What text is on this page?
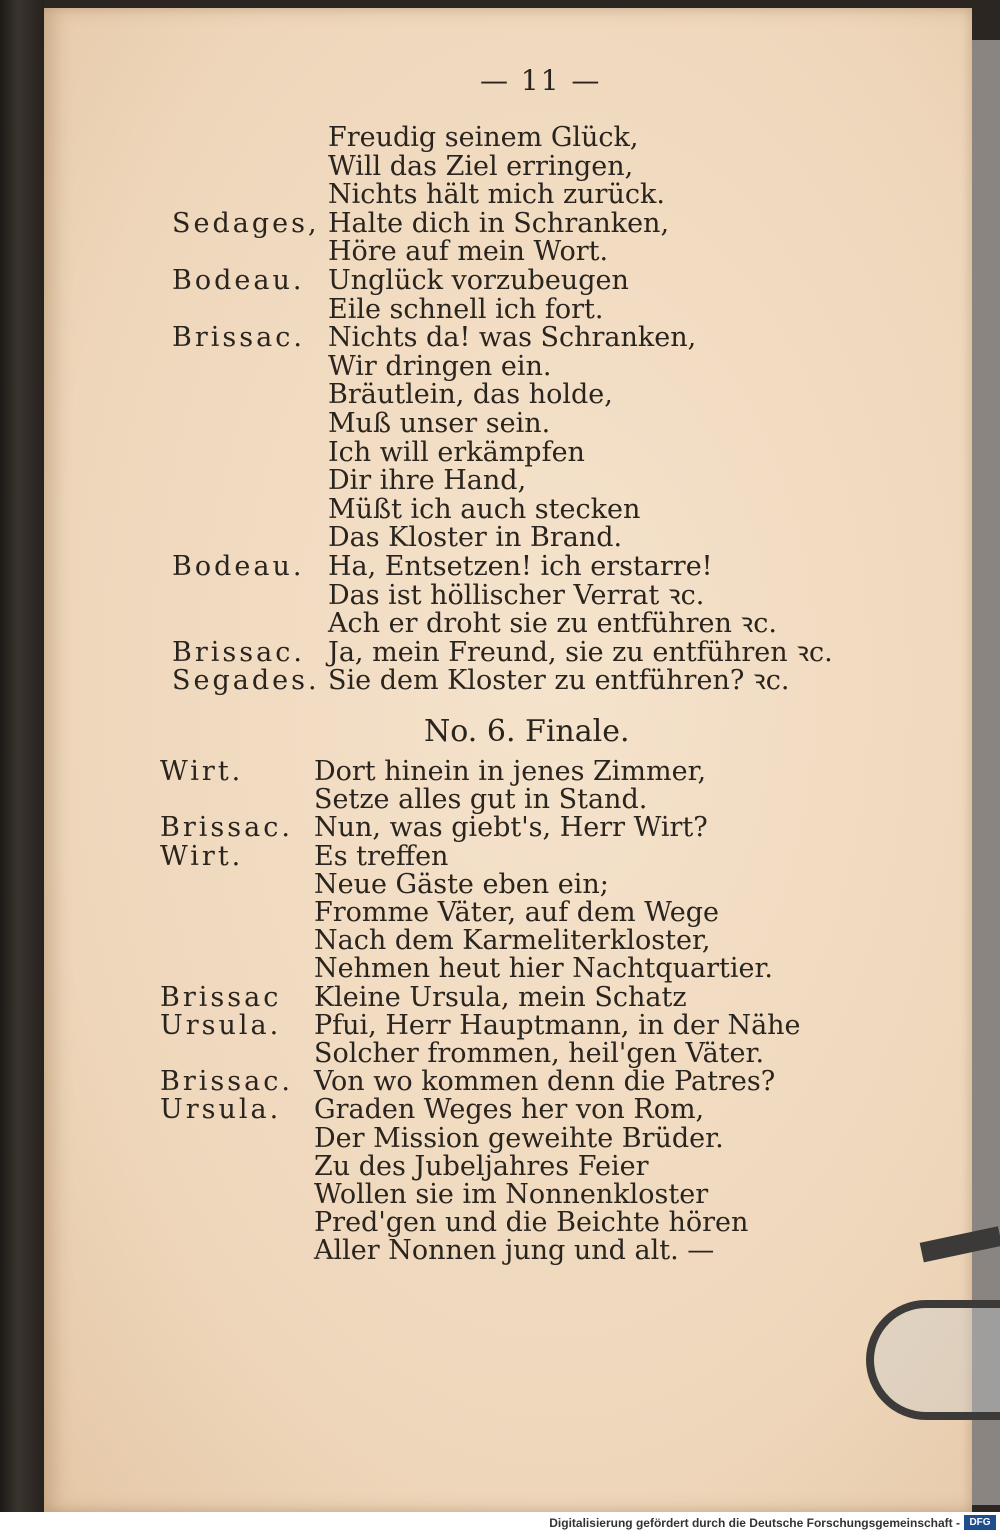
— 11 —
Freudig seinem Glück,
Will das Ziel erringen,
Nichts hält mich zurück.
Sedages, Halte dich in Schranken,
Höre auf mein Wort.
Bodeau. Unglück vorzubeugen
Eile schnell ich fort.
Brissac. Nichts da! was Schranken,
Wir dringen ein.
Bräutlein, das holde,
Muß unser sein.
Ich will erkämpfen
Dir ihre Hand,
Müßt ich auch stecken
Das Kloster in Brand.
Bodeau. Ha, Entsetzen! ich erstarre!
Das ist höllischer Verrat ꝛc.
Ach er droht sie zu entführen ꝛc.
Brissac. Ja, mein Freund, sie zu entführen ꝛc.
Segades. Sie dem Kloster zu entführen? ꝛc.
Wirt.	Dort hinein in jenes Zimmer,
Setze alles gut in Stand.
Brissac. Nun, was giebt's, Herr Wirt?
Wirt.	Es treffen
Neue Gäste eben ein;
Fromme Väter, auf dem Wege
Nach dem Karmeliterkloster,
Nehmen heut hier Nachtquartier.
Brissac Kleine Ursula, mein Schatz
Ursula. Pfui, Herr Hauptmann, in der Nähe
Solcher frommen, heil'gen Väter.
Brissac. Von wo kommen denn die Patres?
Ursula. Graden Weges her von Rom,
Der Mission geweihte Brüder.
Zu des Jubeljahres Feier
Wollen sie im Nonnenkloster
Pred'gen und die Beichte hören
Aller Nonnen jung und alt. —
No. 6. Finale.
Digitalisierung gefördert durch die Deutsche Forschungsgemeinschaft - DFG
